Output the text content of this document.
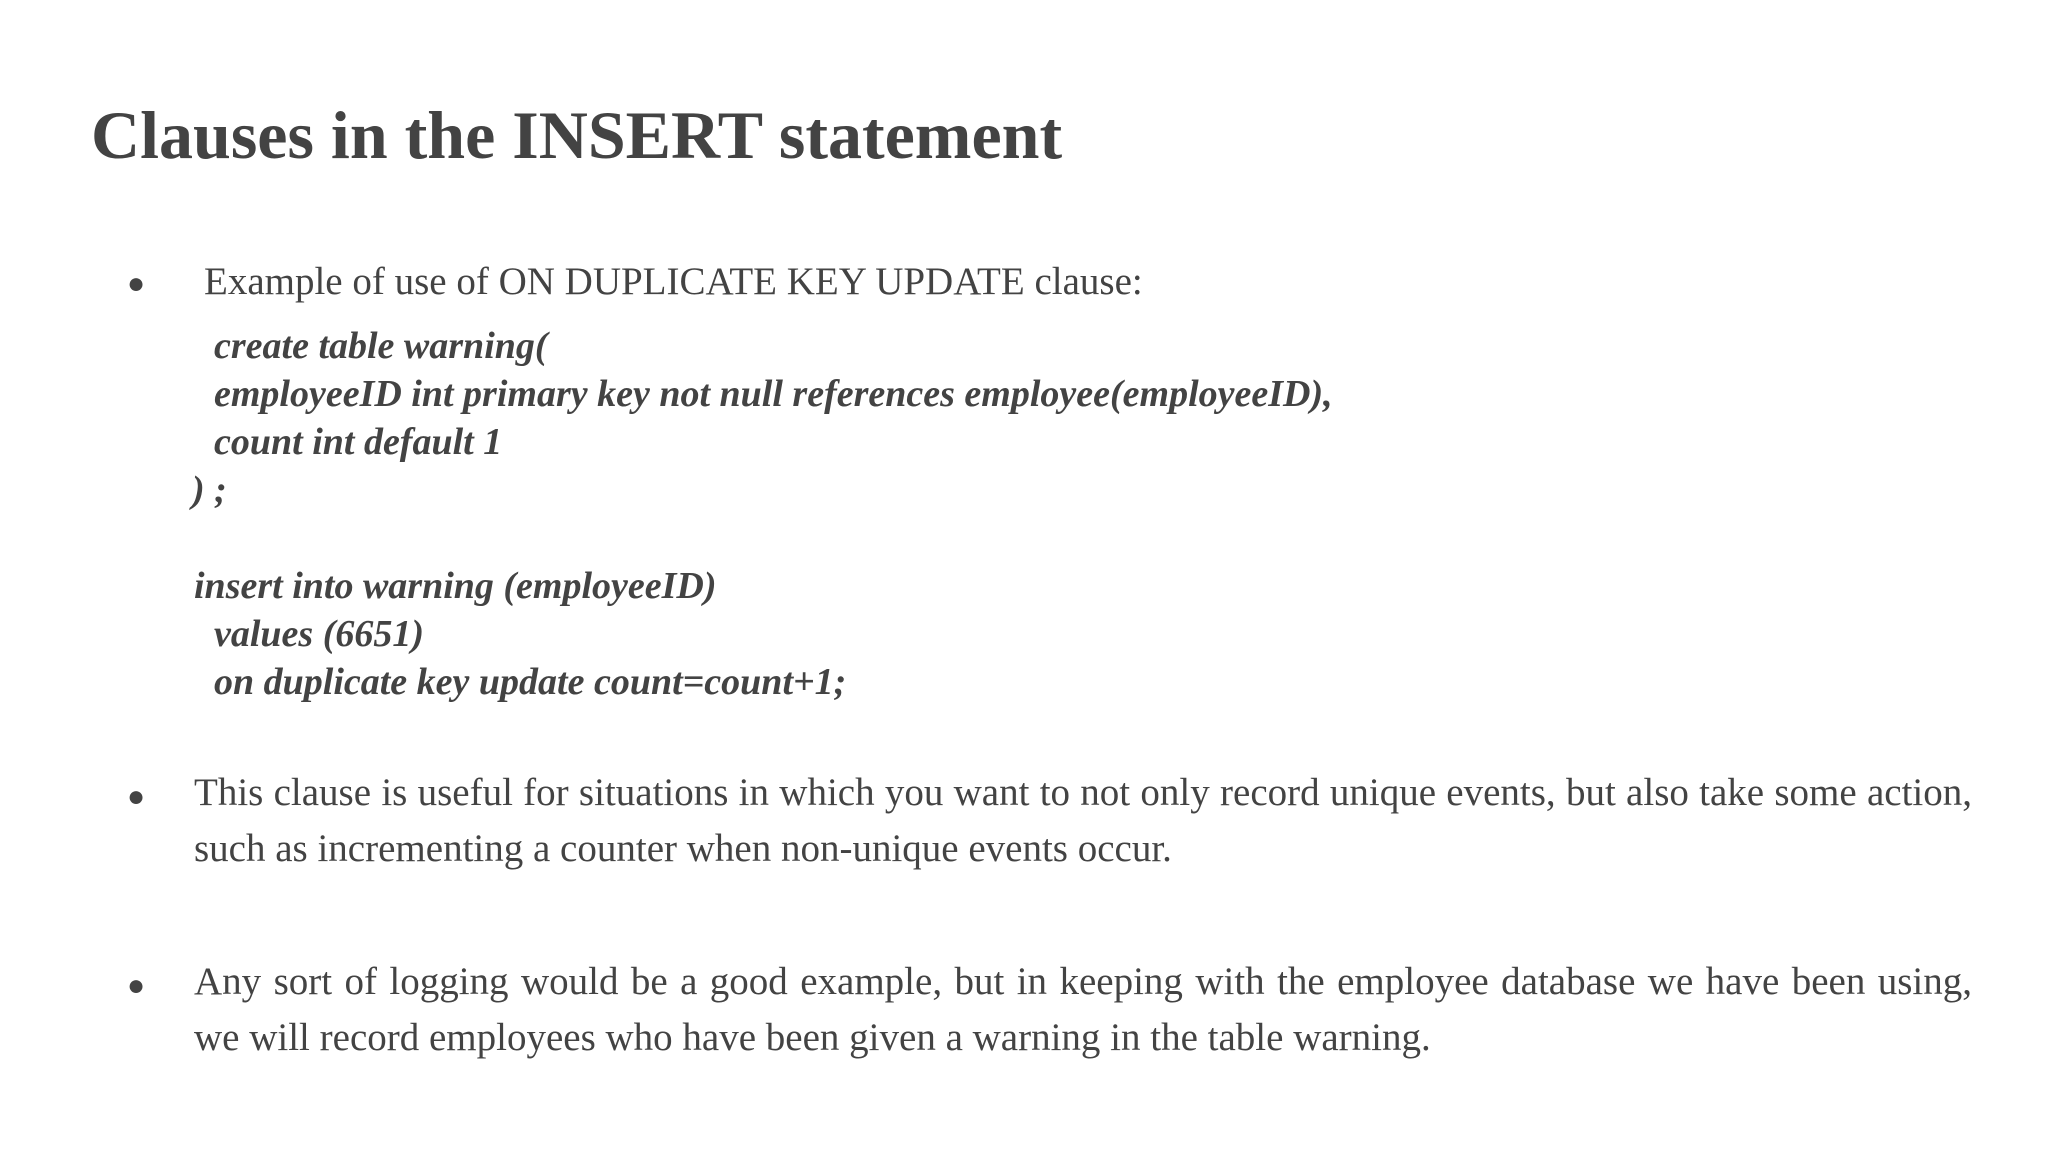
Clauses in the INSERT statement
● Example of use of ON DUPLICATE KEY UPDATE clause:
create table warning(
employeeID int primary key not null references employee(employeeID),
count int default 1
) ;
insert into warning (employeeID)
values (6651)
on duplicate key update count=count+1;
● This clause is useful for situations in which you want to not only record unique events, but also take some action, such as incrementing a counter when non-unique events occur.
● Any sort of logging would be a good example, but in keeping with the employee database we have been using, we will record employees who have been given a warning in the table warning.
